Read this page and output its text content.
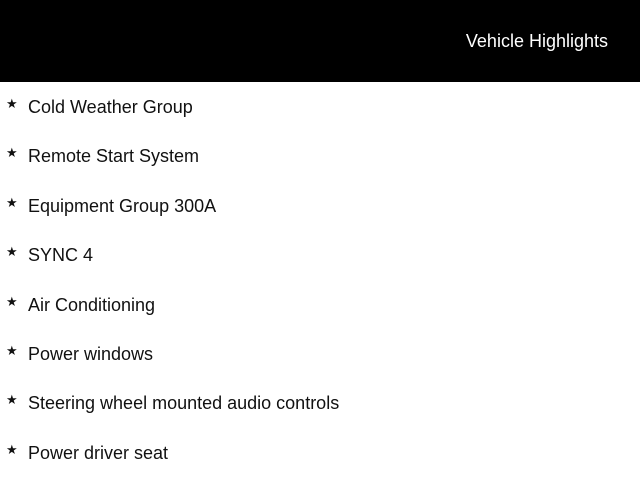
Vehicle Highlights
★ Cold Weather Group
★ Remote Start System
★ Equipment Group 300A
★ SYNC 4
★ Air Conditioning
★ Power windows
★ Steering wheel mounted audio controls
★ Power driver seat
